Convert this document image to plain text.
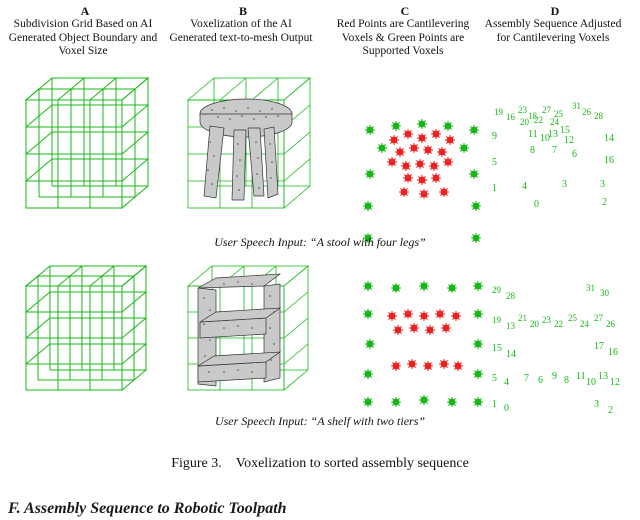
A	B	C	D
Subdivision Grid Based on AI Generated Object Boundary and Voxel Size
Voxelization of the AI Generated text-to-mesh Output
Red Points are Cantilevering Voxels & Green Points are Supported Voxels
Assembly Sequence Adjusted for Cantilevering Voxels
19 16
23
18
27 25
31
26
20 22 24
28
9	11 10
13 15
12	14
8
5
7 6
16
1	4	3	3
0	2
User Speech Input: “A stool with four legs”
29
28
31 30
19
13
21
20 23 22
25
24
27
26
15
14
17
16
5 4 7 6 9 8 11
10
13
12
1 0	3
2
User Speech Input: “A shelf with two tiers”
Figure 3. Voxelization to sorted assembly sequence
F. Assembly Sequence to Robotic Toolpath
